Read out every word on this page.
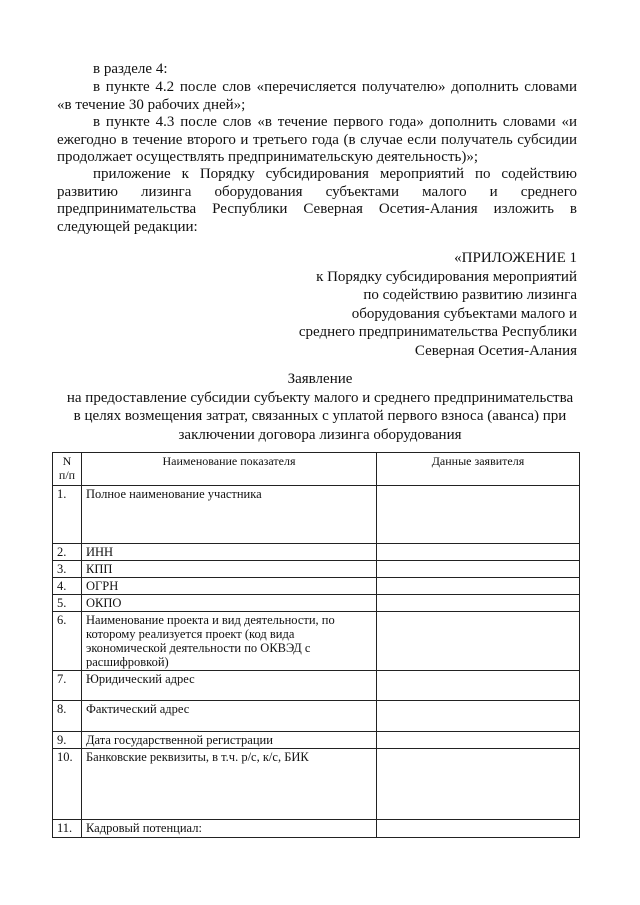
в разделе 4:

в пункте 4.2 после слов «перечисляется получателю» дополнить словами «в течение 30 рабочих дней»;

в пункте 4.3 после слов «в течение первого года» дополнить словами «и ежегодно в течение второго и третьего года (в случае если получатель субсидии продолжает осуществлять предпринимательскую деятельность)»;

приложение к Порядку субсидирования мероприятий по содействию развитию лизинга оборудования субъектами малого и среднего предпринимательства Республики Северная Осетия-Алания изложить в следующей редакции:

«ПРИЛОЖЕНИЕ 1
к Порядку субсидирования мероприятий
по содействию развитию лизинга
оборудования субъектами малого и
среднего предпринимательства Республики
Северная Осетия-Алания
Заявление
на предоставление субсидии субъекту малого и среднего предпринимательства
в целях возмещения затрат, связанных с уплатой первого взноса (аванса) при
заключении договора лизинга оборудования
N п/п	Наименование показателя	Данные заявителя
1.	Полное наименование участника	
2.	ИНН	
3.	КПП	
4.	ОГРН	
5.	ОКПО	
6.	Наименование проекта и вид деятельности, по которому реализуется проект (код вида экономической деятельности по ОКВЭД с расшифровкой)	
7.	Юридический адрес	
8.	Фактический адрес	
9.	Дата государственной регистрации	
10.	Банковские реквизиты, в т.ч. р/с, к/с, БИК	
11.	Кадровый потенциал:	
